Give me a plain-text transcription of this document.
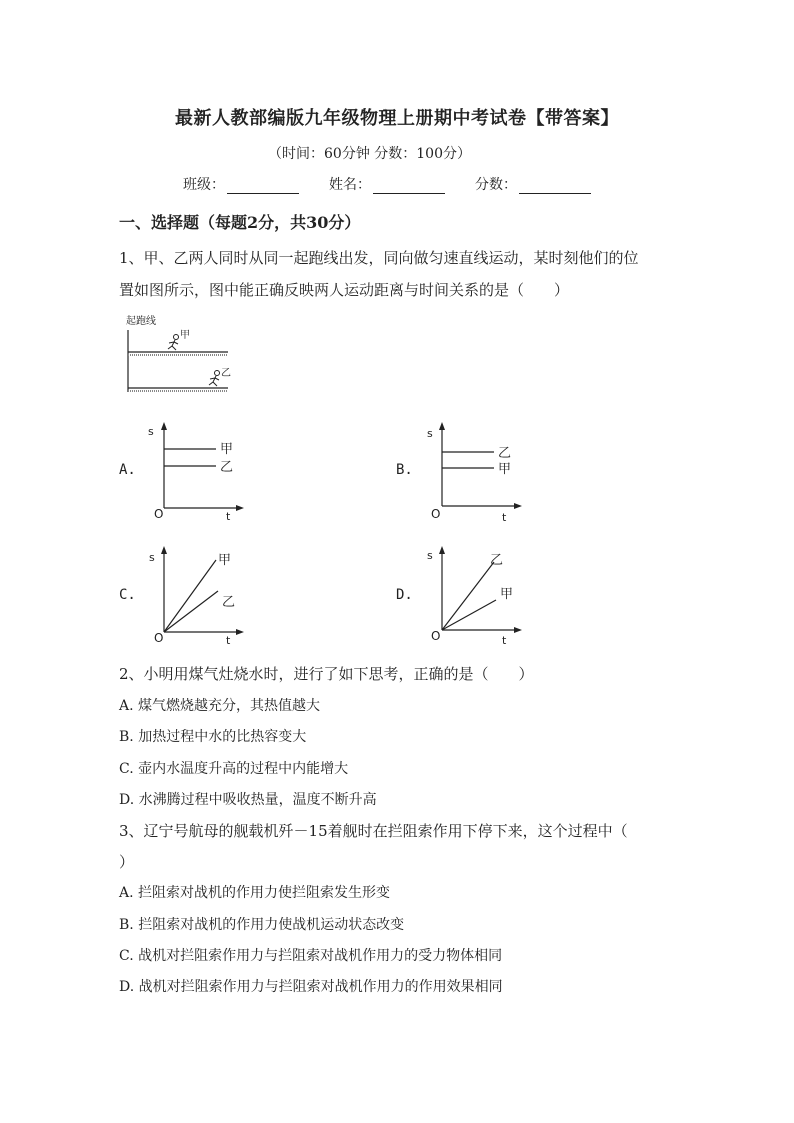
最新人教部编版九年级物理上册期中考试卷【带答案】
（时间：60分钟 分数：100分）
班级：	姓名：	分数：
一、选择题（每题2分，共30分）
1、甲、乙两人同时从同一起跑线出发，同向做匀速直线运动，某时刻他们的位
置如图所示，图中能正确反映两人运动距离与时间关系的是（　　）
起跑线
甲
乙
A.
s
t
O
甲
乙	B.
s
t
O
乙
甲
C.
s
t
O
甲
乙	D.
s
t
O
乙
甲
2、小明用煤气灶烧水时，进行了如下思考，正确的是（　　）
A. 煤气燃烧越充分，其热值越大
B. 加热过程中水的比热容变大
C. 壶内水温度升高的过程中内能增大
D. 水沸腾过程中吸收热量，温度不断升高
3、辽宁号航母的舰载机歼－15着舰时在拦阻索作用下停下来，这个过程中（
）
A. 拦阻索对战机的作用力使拦阻索发生形变
B. 拦阻索对战机的作用力使战机运动状态改变
C. 战机对拦阻索作用力与拦阻索对战机作用力的受力物体相同
D. 战机对拦阻索作用力与拦阻索对战机作用力的作用效果相同
